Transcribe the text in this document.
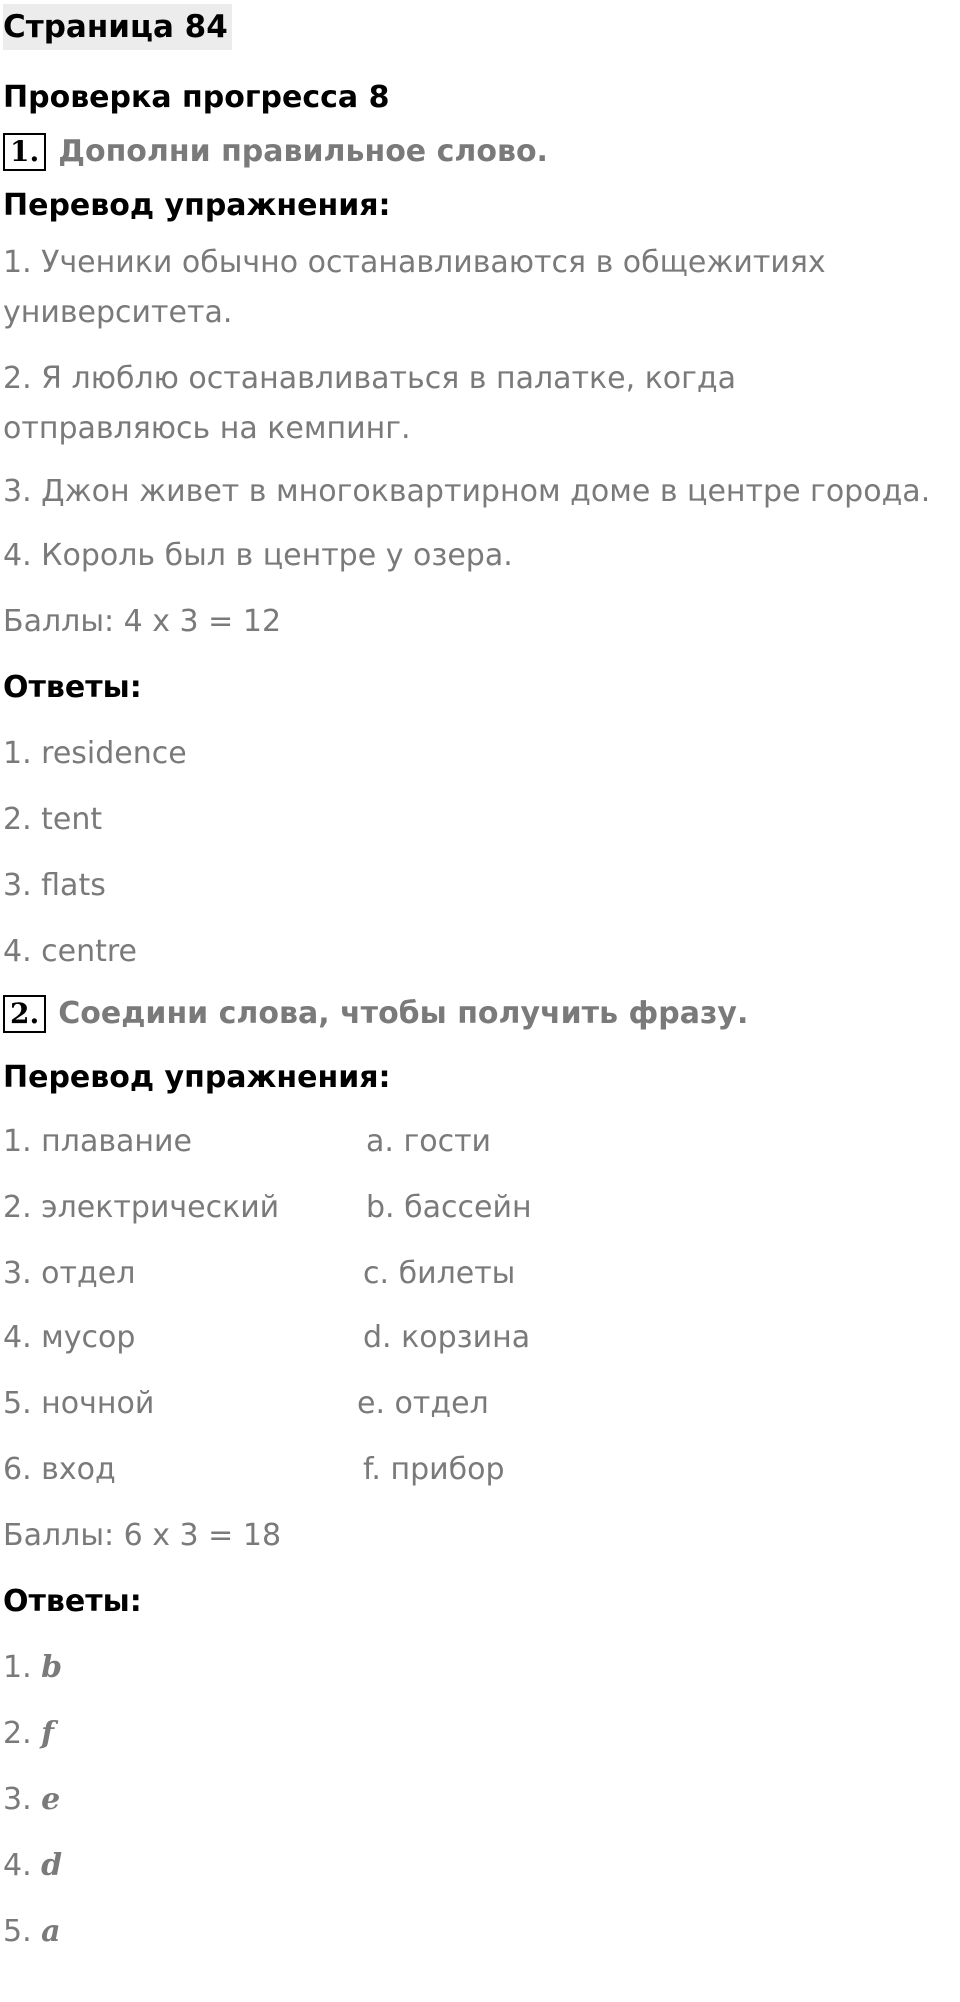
Страница 84
Проверка прогресса 8
1. Дополни правильное слово.
Перевод упражнения:
1. Ученики обычно останавливаются в общежитиях университета.
2. Я люблю останавливаться в палатке, когда отправляюсь на кемпинг.
3. Джон живет в многоквартирном доме в центре города.
4. Король был в центре у озера.
Баллы: 4 x 3 = 12
Ответы:
1. residence
2. tent
3. flats
4. centre
2. Соедини слова, чтобы получить фразу.
Перевод упражнения:
1. плавание	a. гости
2. электрический	b. бассейн
3. отдел	c. билеты
4. мусор	d. корзина
5. ночной	e. отдел
6. вход	f. прибор
Баллы: 6 x 3 = 18
Ответы:
1. b
2. f
3. e
4. d
5. a
